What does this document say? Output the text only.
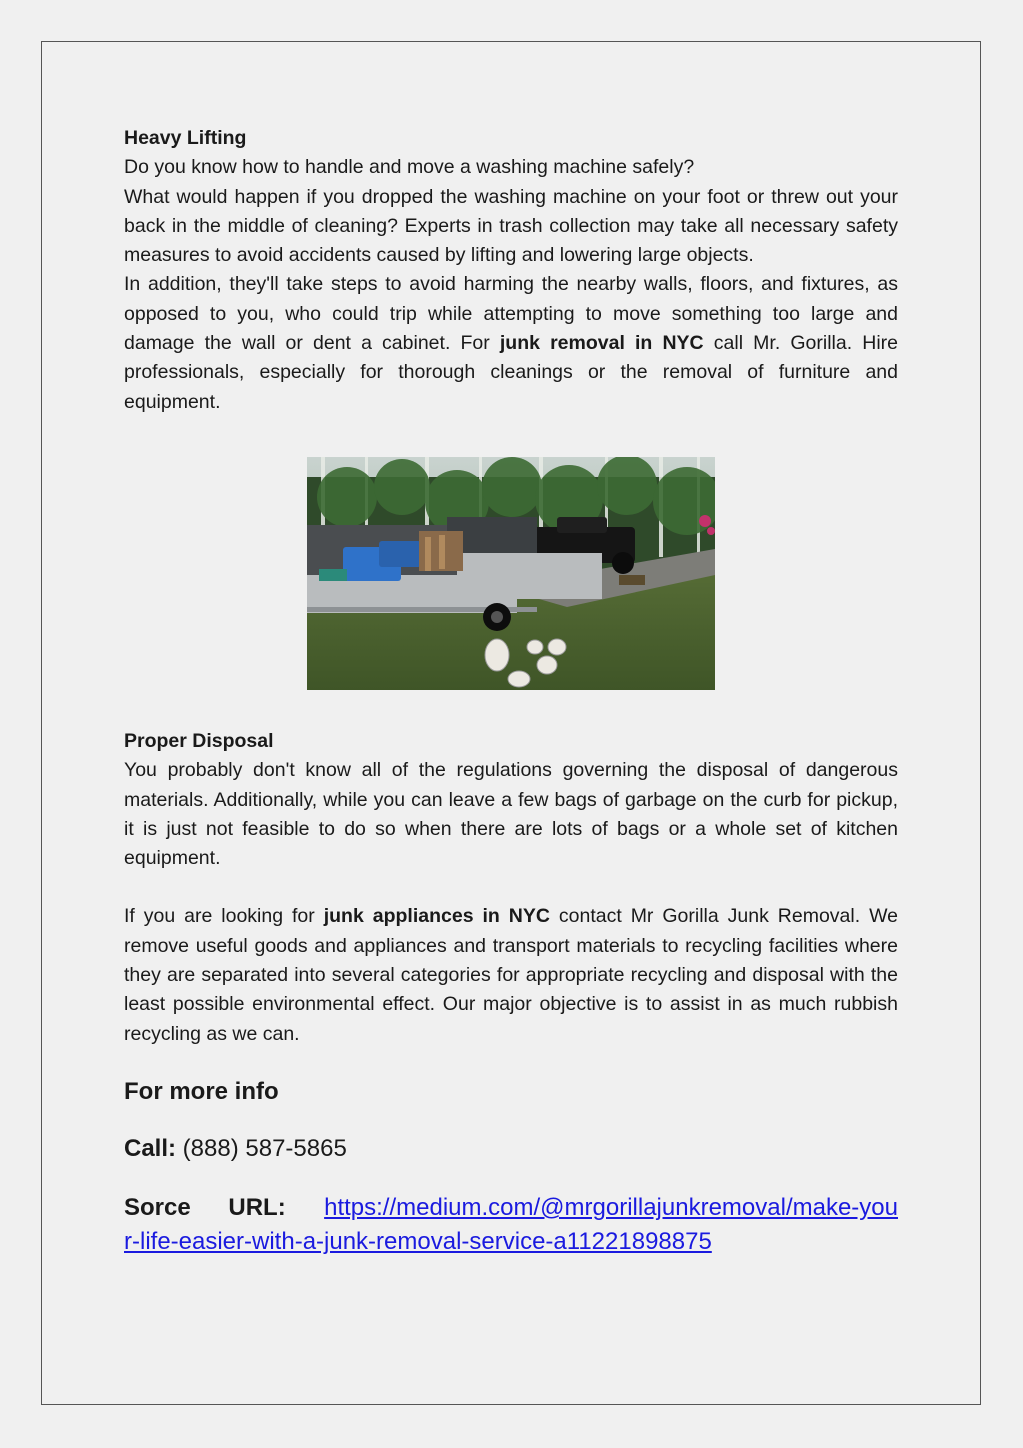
Heavy Lifting

Do you know how to handle and move a washing machine safely?

What would happen if you dropped the washing machine on your foot or threw out your back in the middle of cleaning? Experts in trash collection may take all necessary safety measures to avoid accidents caused by lifting and lowering large objects.

In addition, they'll take steps to avoid harming the nearby walls, floors, and fixtures, as opposed to you, who could trip while attempting to move something too large and damage the wall or dent a cabinet. For junk removal in NYC call Mr. Gorilla. Hire professionals, especially for thorough cleanings or the removal of furniture and equipment.

Proper Disposal

You probably don't know all of the regulations governing the disposal of dangerous materials. Additionally, while you can leave a few bags of garbage on the curb for pickup, it is just not feasible to do so when there are lots of bags or a whole set of kitchen equipment.

If you are looking for junk appliances in NYC contact Mr Gorilla Junk Removal. We remove useful goods and appliances and transport materials to recycling facilities where they are separated into several categories for appropriate recycling and disposal with the least possible environmental effect. Our major objective is to assist in as much rubbish recycling as we can.

For more info

Call: (888) 587-5865

Sorce URL: https://medium.com/@mrgorillajunkremoval/make-your-life-easier-with-a-junk-removal-service-a11221898875
